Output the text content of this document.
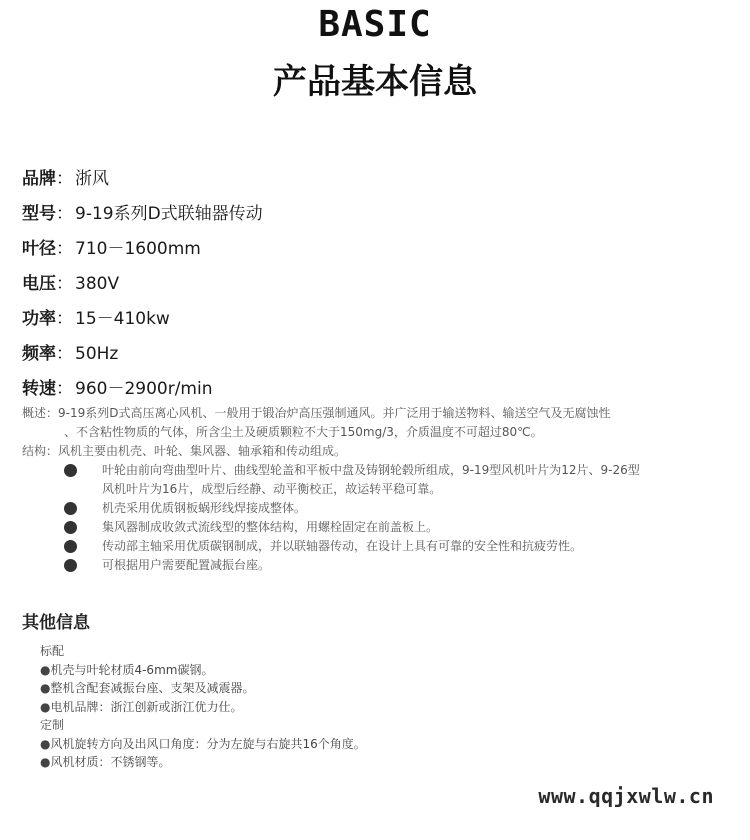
BASIC
产品基本信息
品牌： 浙风
型号： 9-19系列D式联轴器传动
叶径： 710－1600mm
电压： 380V
功率： 15－410kw
频率： 50Hz
转速： 960－2900r/min
概述：9-19系列D式高压离心风机、一般用于锻冶炉高压强制通风。并广泛用于输送物料、输送空气及无腐蚀性
、不含粘性物质的气体，所含尘土及硬质颗粒不大于150mg/3，介质温度不可超过80℃。
结构：风机主要由机壳、叶轮、集风器、轴承箱和传动组成。
叶轮由前向弯曲型叶片、曲线型轮盖和平板中盘及铸钢轮毂所组成，9-19型风机叶片为12片、9-26型
风机叶片为16片，成型后经静、动平衡校正，故运转平稳可靠。
机壳采用优质钢板蜗形线焊接成整体。
集风器制成收敛式流线型的整体结构，用螺栓固定在前盖板上。
传动部主轴采用优质碳钢制成，并以联轴器传动，在设计上具有可靠的安全性和抗疲劳性。
可根据用户需要配置减振台座。
其他信息
标配
●机壳与叶轮材质4-6mm碳钢。
●整机含配套减振台座、支架及减震器。
●电机品牌：浙江创新或浙江优力仕。
定制
●风机旋转方向及出风口角度：分为左旋与右旋共16个角度。
●风机材质：不锈钢等。
www.qqjxwlw.cn
